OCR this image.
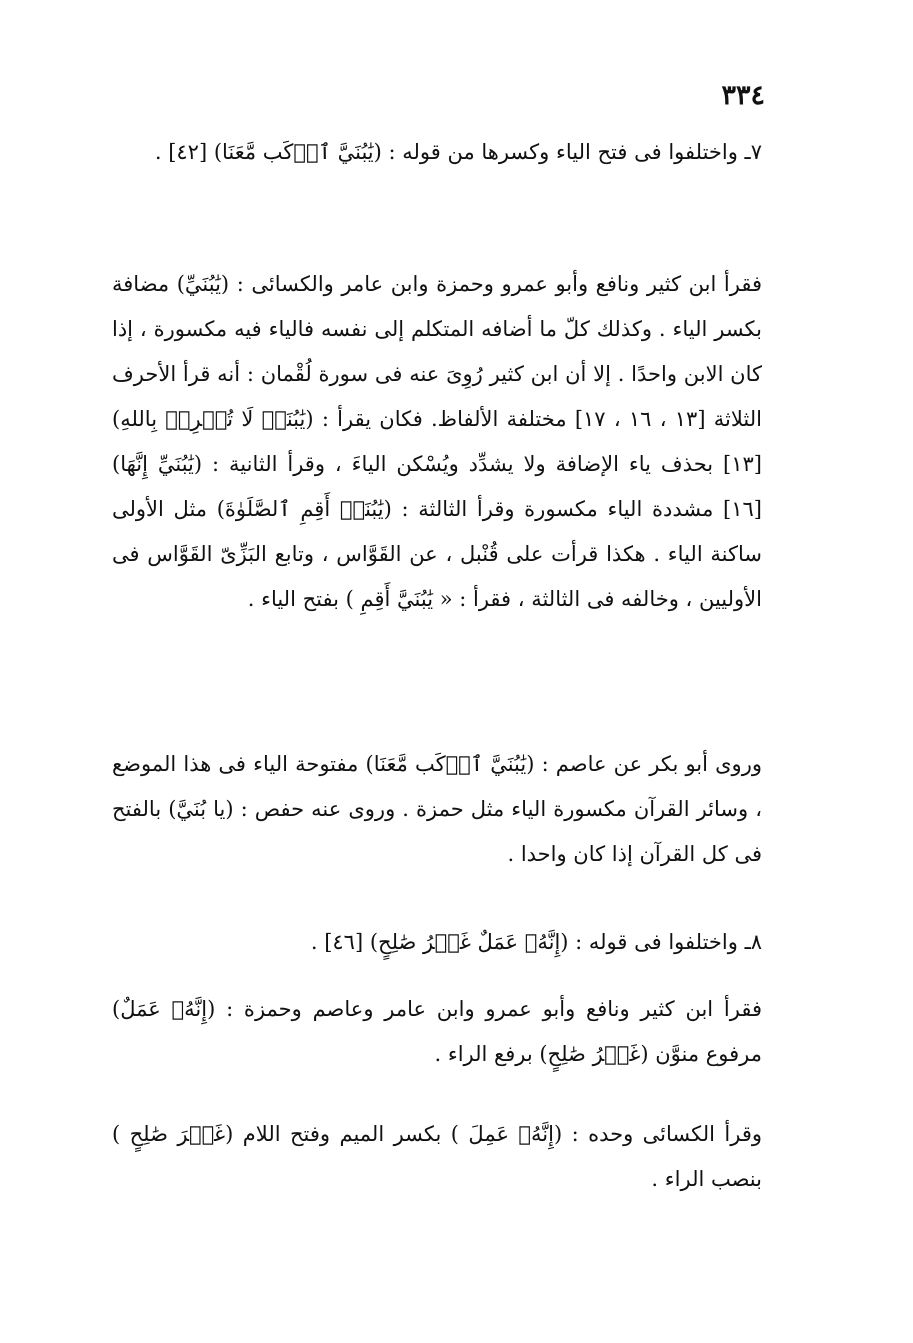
٣٣٤

٧ـ واختلفوا فى فتح الياء وكسرها من قوله : (يَٰبُنَيَّ ٱرۡكَب مَّعَنَا) [٤٢] .

فقرأ ابن كثير ونافع وأبو عمرو وحمزة وابن عامر والكسائى : (يَٰبُنَيِّ) مضافة بكسر الياء . وكذلك كلّ ما أضافه المتكلم إلى نفسه فالياء فيه مكسورة ، إذا كان الابن واحدًا . إلا أن ابن كثير رُوِىَ عنه فى سورة لُقْمان : أنه قرأ الأحرف الثلاثة [١٣ ، ١٦ ، ١٧] مختلفة الألفاظ. فكان يقرأ : (يَٰبُنَيۡ لَا تُشۡرِكۡ بِاللهِ) [١٣] بحذف ياء الإضافة ولا يشدِّد ويُسْكن الياءَ ، وقرأ الثانية : (يَٰبُنَيِّ إِنَّهَا) [١٦] مشددة الياء مكسورة وقرأ الثالثة : (يَٰبُنَيۡ أَقِمِ ٱلصَّلَوٰةَ) مثل الأولى ساكنة الياء . هكذا قرأت على قُنْبل ، عن القَوَّاس ، وتابع البَزِّىّ القَوَّاس فى الأوليين ، وخالفه فى الثالثة ، فقرأ : « يَٰبُنَيَّ أَقِمِ ) بفتح الياء .

وروى أبو بكر عن عاصم : (يَٰبُنَيَّ ٱرۡكَب مَّعَنَا) مفتوحة الياء فى هذا الموضع ، وسائر القرآن مكسورة الياء مثل حمزة . وروى عنه حفص : (يا بُنَيَّ) بالفتح فى كل القرآن إذا كان واحدا .

٨ـ واختلفوا فى قوله : (إِنَّهُۥ عَمَلٌ غَيۡرُ صَٰلِحٍ) [٤٦] .

فقرأ ابن كثير ونافع وأبو عمرو وابن عامر وعاصم وحمزة : (إِنَّهُۥ عَمَلٌ) مرفوع منوَّن (غَيۡرُ صَٰلِحٍ) برفع الراء .

وقرأ الكسائى وحده : (إِنَّهُۥ عَمِلَ ) بكسر الميم وفتح اللام (غَيۡرَ صَٰلِحٍ ) بنصب الراء .
